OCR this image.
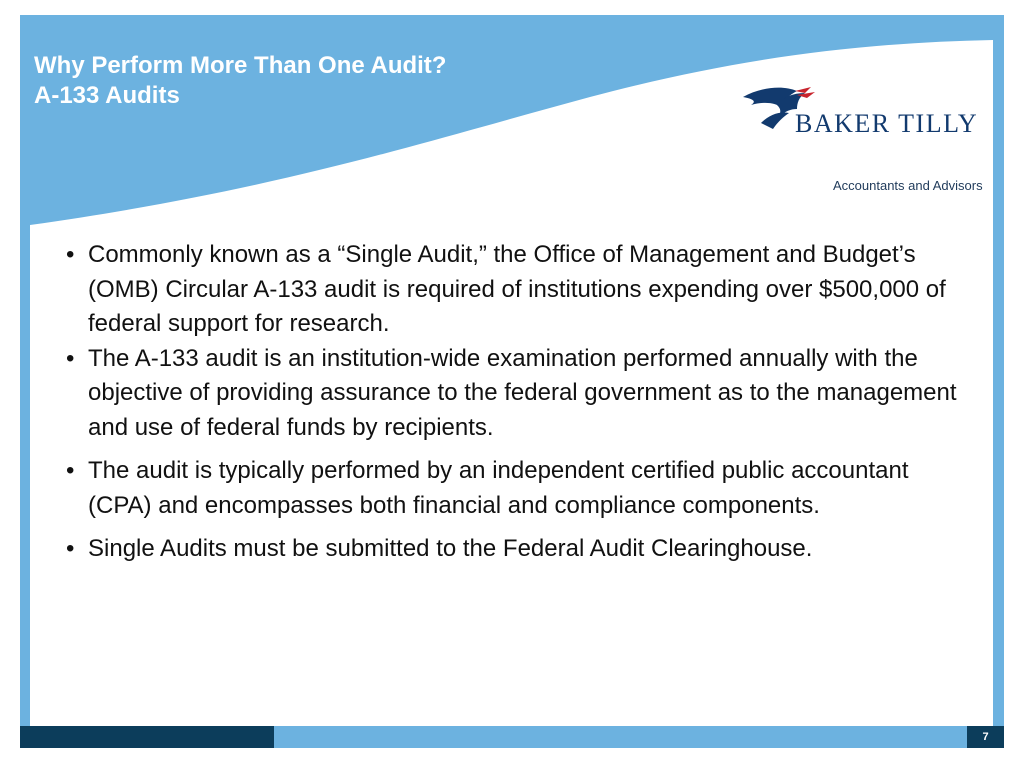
Why Perform More Than One Audit?
A-133 Audits
BAKER TILLY
Accountants and Advisors
• Commonly known as a “Single Audit,” the Office of Management and Budget’s (OMB) Circular A-133 audit is required of institutions expending over $500,000 of federal support for research.
• The A-133 audit is an institution-wide examination performed annually with the objective of providing assurance to the federal government as to the management and use of federal funds by recipients.
• The audit is typically performed by an independent certified public accountant (CPA) and encompasses both financial and compliance components.
• Single Audits must be submitted to the Federal Audit Clearinghouse.
7
